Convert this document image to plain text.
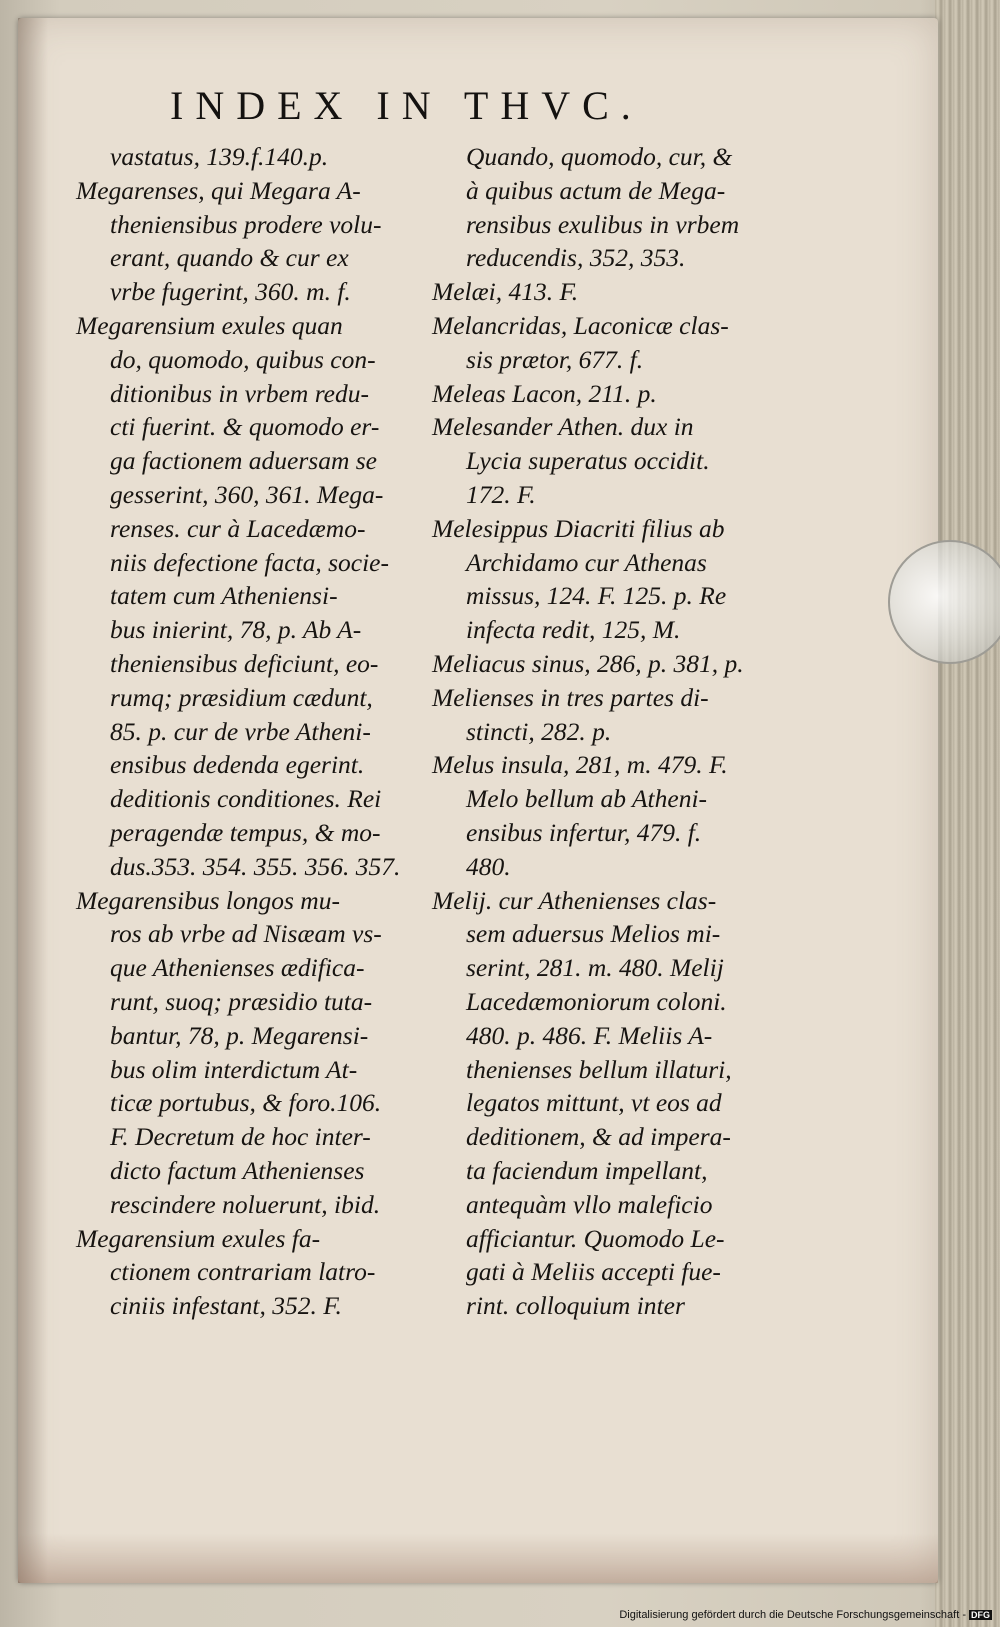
INDEX IN THVC.
vastatus, 139.f.140.p.
Megarenses, qui Megara A-
theniensibus prodere volu-
erant, quando & cur ex
vrbe fugerint, 360. m. f.
Megarensium exules quan
do, quomodo, quibus con-
ditionibus in vrbem redu-
cti fuerint. & quomodo er-
ga factionem aduersam se
gesserint, 360, 361. Mega-
renses. cur à Lacedæmo-
niis defectione facta, socie-
tatem cum Atheniensi-
bus inierint, 78, p. Ab A-
theniensibus deficiunt, eo-
rumq; præsidium cædunt,
85. p. cur de vrbe Atheni-
ensibus dedenda egerint.
deditionis conditiones. Rei
peragendæ tempus, & mo-
dus.353. 354. 355. 356. 357.
Megarensibus longos mu-
ros ab vrbe ad Nisæam vs-
que Athenienses ædifica-
runt, suoq; præsidio tuta-
bantur, 78, p. Megarensi-
bus olim interdictum At-
ticæ portubus, & foro.106.
F. Decretum de hoc inter-
dicto factum Athenienses
rescindere noluerunt, ibid.
Megarensium exules fa-
ctionem contrariam latro-
ciniis infestant, 352. F.
Quando, quomodo, cur, &
à quibus actum de Mega-
rensibus exulibus in vrbem
reducendis, 352, 353.
Melæi, 413. F.
Melancridas, Laconicæ clas-
sis prætor, 677. f.
Meleas Lacon, 211. p.
Melesander Athen. dux in
Lycia superatus occidit.
172. F.
Melesippus Diacriti filius ab
Archidamo cur Athenas
missus, 124. F. 125. p. Re
infecta redit, 125, M.
Meliacus sinus, 286, p. 381, p.
Melienses in tres partes di-
stincti, 282. p.
Melus insula, 281, m. 479. F.
Melo bellum ab Atheni-
ensibus infertur, 479. f.
480.
Melij. cur Athenienses clas-
sem aduersus Melios mi-
serint, 281. m. 480. Melij
Lacedæmoniorum coloni.
480. p. 486. F. Meliis A-
thenienses bellum illaturi,
legatos mittunt, vt eos ad
deditionem, & ad impera-
ta faciendum impellant,
antequàm vllo maleficio
afficiantur. Quomodo Le-
gati à Meliis accepti fue-
rint. colloquium inter
Digitalisierung gefördert durch die Deutsche Forschungsgemeinschaft - DFG
